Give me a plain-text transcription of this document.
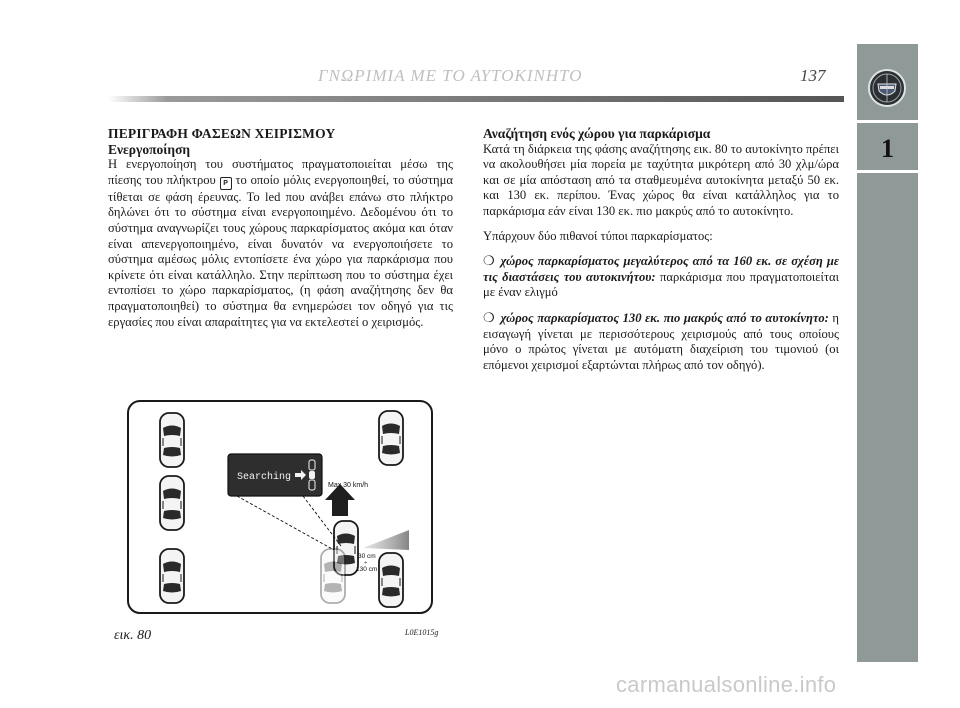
ΓΝΩΡΙΜΙΑ ΜΕ ΤΟ ΑΥΤΟΚΙΝΗΤΟ	137
1

ΠΕΡΙΓΡΑΦΗ ΦΑΣΕΩΝ ΧΕΙΡΙΣΜΟΥ

Ενεργοποίηση

Η ενεργοποίηση του συστήματος πραγματοποιείται μέσω της πίεσης του πλήκτρου P το οποίο μόλις ενεργοποιηθεί, το σύστημα τίθεται σε φάση έρευνας. Το led που ανάβει επάνω στο πλήκτρο δηλώνει ότι το σύστημα είναι ενεργοποιημένο. Δεδομένου ότι το σύστημα αναγνωρίζει τους χώρους παρκαρίσματος ακόμα και όταν είναι απενεργοποιημένο, είναι δυνατόν να ενεργοποιήσετε το σύστημα αμέσως μόλις εντοπίσετε ένα χώρο για παρκάρισμα που κρίνετε ότι είναι κατάλληλο. Στην περίπτωση που το σύστημα έχει εντοπίσει το χώρο παρκαρίσματος, (η φάση αναζήτησης δεν θα πραγματοποιηθεί) το σύστημα θα ενημερώσει τον οδηγό για τις εργασίες που είναι απαραίτητες για να εκτελεστεί ο χειρισμός.

Αναζήτηση ενός χώρου για παρκάρισμα

Κατά τη διάρκεια της φάσης αναζήτησης εικ. 80 το αυτοκίνητο πρέπει να ακολουθήσει μία πορεία με ταχύτητα μικρότερη από 30 χλμ/ώρα και σε μία απόσταση από τα σταθμευμένα αυτοκίνητα μεταξύ 50 εκ. και 130 εκ. περίπου. Ένας χώρος θα είναι κατάλληλος για το παρκάρισμα εάν είναι 130 εκ. πιο μακρύς από το αυτοκίνητο.

Υπάρχουν δύο πιθανοί τύποι παρκαρίσματος:

❍ χώρος παρκαρίσματος μεγαλύτερος από τα 160 εκ. σε σχέση με τις διαστάσεις του αυτοκινήτου: παρκάρισμα που πραγματοποιείται με έναν ελιγμό

❍ χώρος παρκαρίσματος 130 εκ. πιο μακρύς από το αυτοκίνητο: η εισαγωγή γίνεται με περισσότερους χειρισμούς από τους οποίους μόνο ο πρώτος γίνεται με αυτόματη διαχείριση του τιμονιού (οι επόμενοι χειρισμοί εξαρτώνται πλήρως από τον οδηγό).

Max 30 km/h
Searching
30 cm
÷
130 cm
εικ. 80	L0E1015g
carmanualsonline.info
